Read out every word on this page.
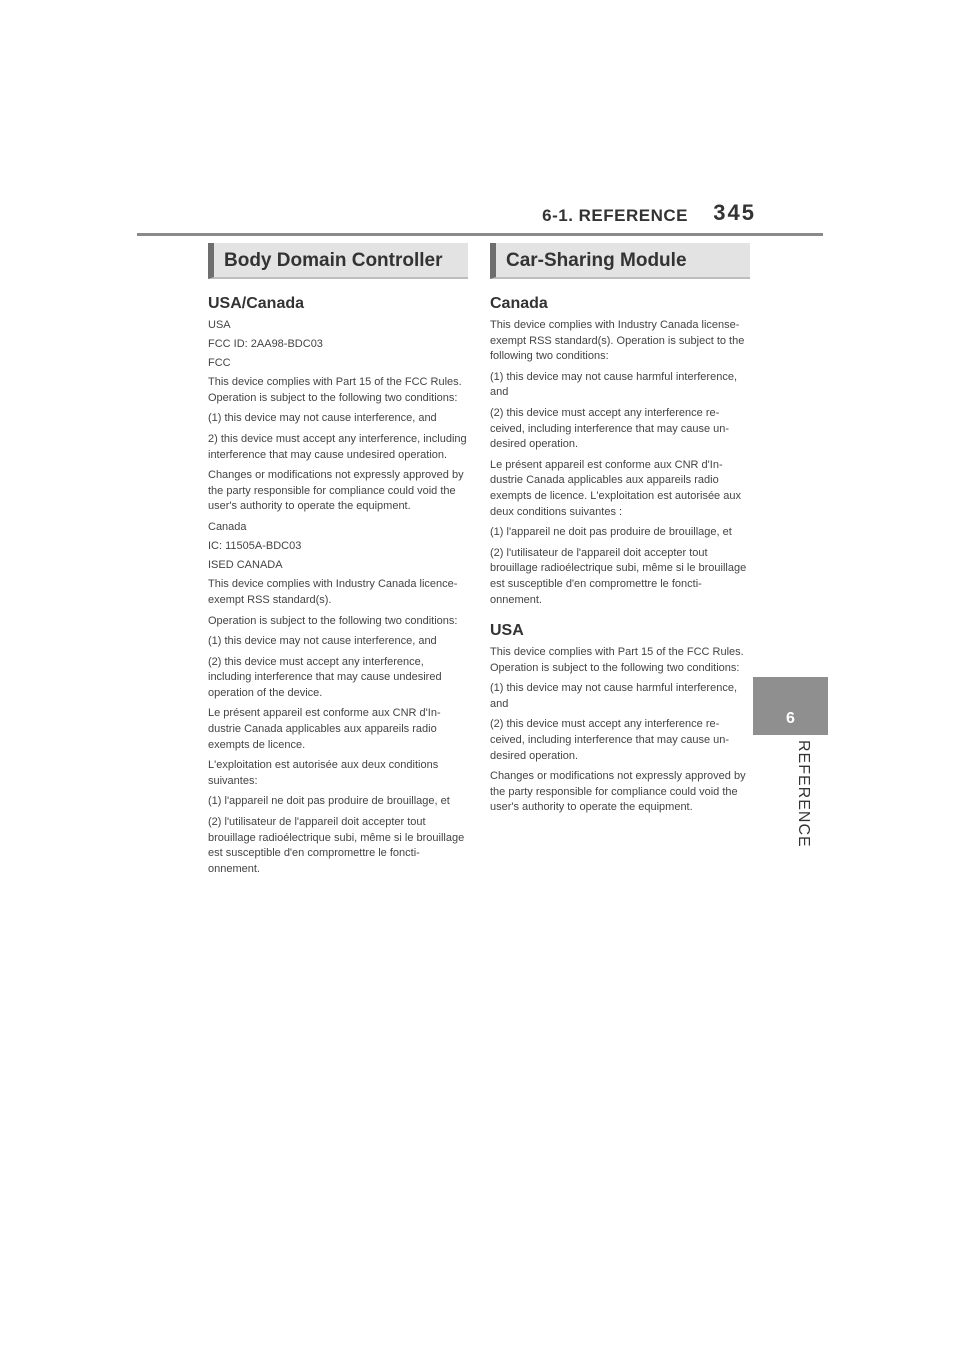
6-1. REFERENCE 345
6
REFERENCE
Body Domain Controller
USA/Canada

USA

FCC ID: 2AA98-BDC03

FCC

This device complies with Part 15 of the FCC Rules. Operation is subject to the following two conditions:

(1) this device may not cause interference, and

2) this device must accept any interference, including interference that may cause undesired operation.

Changes or modifications not expressly approved by the party responsible for compliance could void the user's authority to operate the equipment.

Canada

IC: 11505A-BDC03

ISED CANADA

This device complies with Industry Canada licence- exempt RSS standard(s).

Operation is subject to the following two conditions:

(1) this device may not cause interference, and

(2) this device must accept any interference, including interference that may cause undesired operation of the device.

Le présent appareil est conforme aux CNR d'Industrie Canada applicables aux appareils radio exempts de licence.

L'exploitation est autorisée aux deux conditions suivantes:

(1) l'appareil ne doit pas produire de brouillage, et

(2) l'utilisateur de l'appareil doit accepter tout brouillage radioélectrique subi, même si le brouillage est susceptible d'en compromettre le fonctionnement.

Car-Sharing Module
Canada

This device complies with Industry Canada license-exempt RSS standard(s). Operation is subject to the following two conditions:

(1) this device may not cause harmful interference, and

(2) this device must accept any interference received, including interference that may cause undesired operation.

Le présent appareil est conforme aux CNR d'Industrie Canada applicables aux appareils radio exempts de licence. L'exploitation est autorisée aux deux conditions suivantes :

(1) l'appareil ne doit pas produire de brouillage, et

(2) l'utilisateur de l'appareil doit accepter tout brouillage radioélectrique subi, même si le brouillage est susceptible d'en compromettre le fonctionnement.

USA

This device complies with Part 15 of the FCC Rules. Operation is subject to the following two conditions:

(1) this device may not cause harmful interference, and

(2) this device must accept any interference received, including interference that may cause undesired operation.

Changes or modifications not expressly approved by the party responsible for compliance could void the user's authority to operate the equipment.
